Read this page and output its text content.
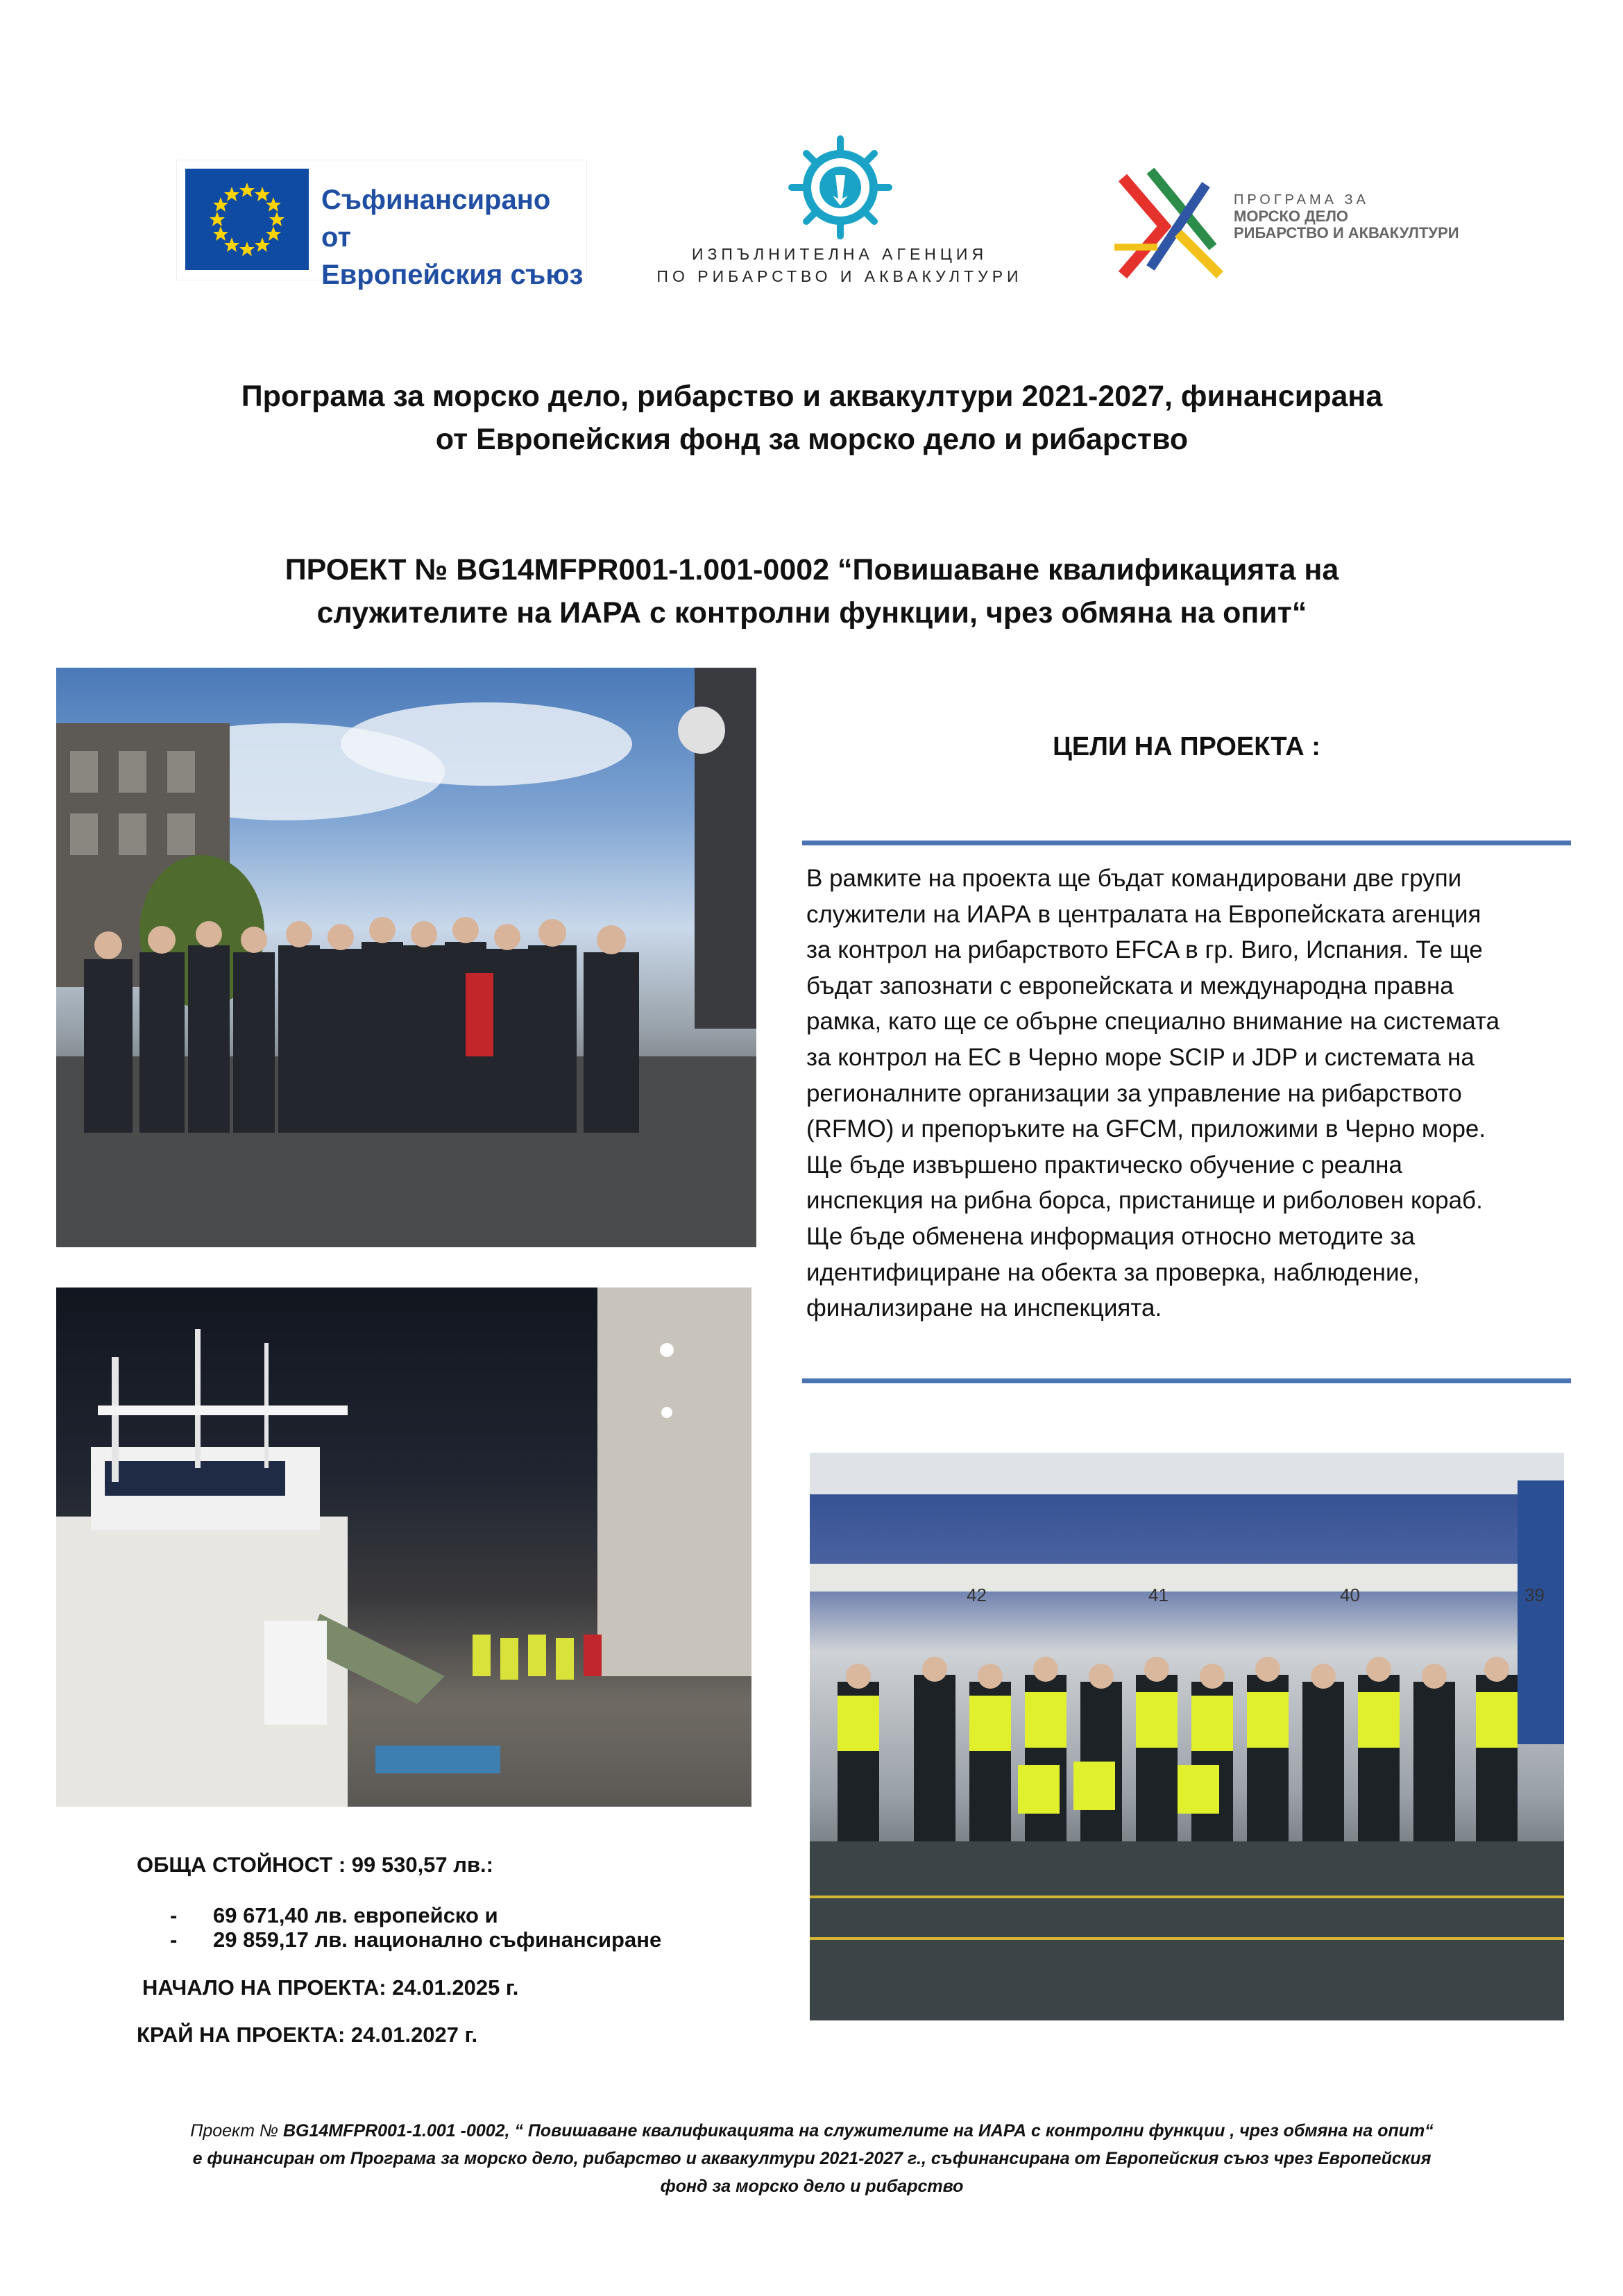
Съфинансирано от
Европейския съюз
ИЗПЪЛНИТЕЛНА АГЕНЦИЯ
ПО РИБАРСТВО И АКВАКУЛТУРИ
ПРОГРАМА ЗА
МОРСКО ДЕЛО
РИБАРСТВО И АКВАКУЛТУРИ
Програма за морско дело, рибарство и аквакултури 2021-2027, финансирана
от Европейския фонд за морско дело и рибарство
ПРОЕКТ № BG14MFPR001-1.001-0002 “Повишаване квалификацията на
служителите на ИАРА с контролни функции, чрез обмяна на опит“
42	41	40	39
ЦЕЛИ НА ПРОЕКТА :
В рамките на проекта ще бъдат командировани две групи
служители на ИАРА в централата на Европейската агенция
за контрол на рибарството EFCA в гр. Виго, Испания. Те ще
бъдат запознати с европейската и международна правна
рамка, като ще се обърне специално внимание на системата
за контрол на ЕС в Черно море SCIP и JDP и системата на
регионалните организации за управление на рибарството
(RFMO) и препоръките на GFCM, приложими в Черно море.
Ще бъде извършено практическо обучение с реална
инспекция на рибна борса, пристанище и риболовен кораб.
Ще бъде обменена информация относно методите за
идентифициране на обекта за проверка, наблюдение,
финализиране на инспекцията.
ОБЩА СТОЙНОСТ : 99 530,57 лв.:
- 69 671,40 лв. европейско и
- 29 859,17 лв. национално съфинансиране
НАЧАЛО НА ПРОЕКТА: 24.01.2025 г.
КРАЙ НА ПРОЕКТА: 24.01.2027 г.
Проект № BG14MFPR001-1.001 -0002, “ Повишаване квалификацията на служителите на ИАРА с контролни функции , чрез обмяна на опит“
е финансиран от Програма за морско дело, рибарство и аквакултури 2021-2027 г., съфинансирана от Европейския съюз чрез Европейския
фонд за морско дело и рибарство
